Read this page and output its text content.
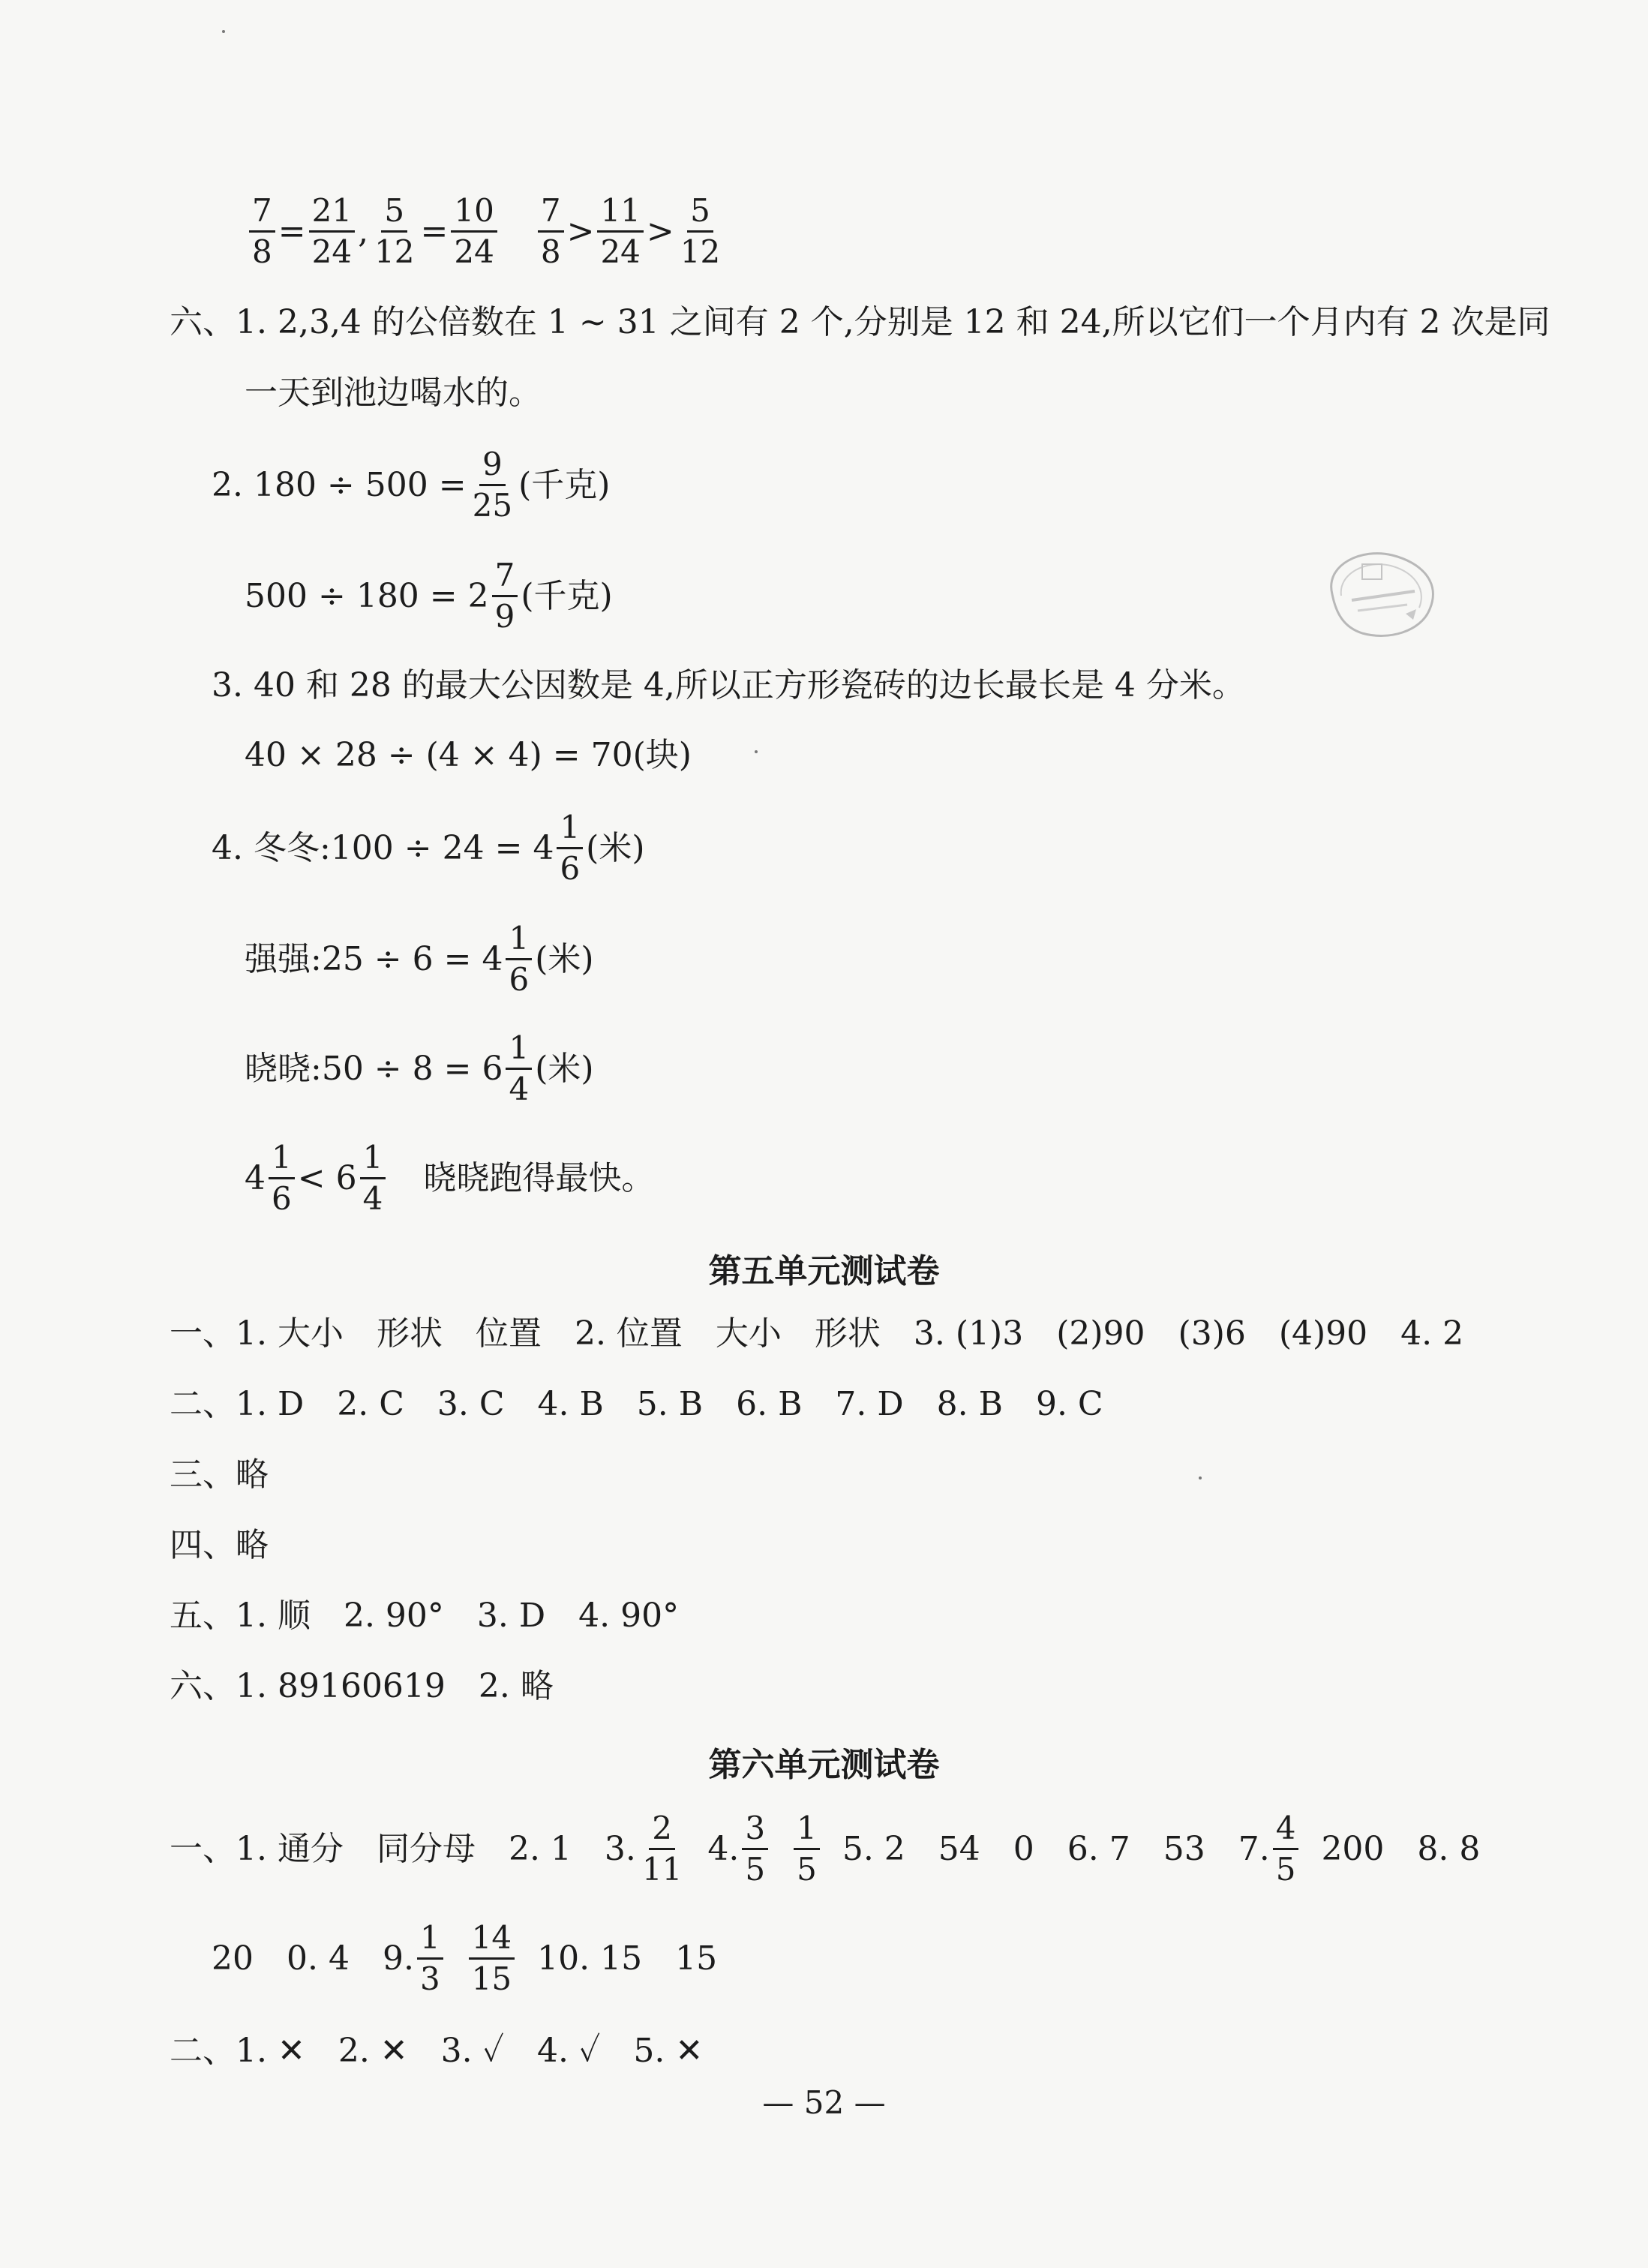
$\frac{7}{8} = \frac{21}{24}$ , $\frac{5}{12} = \frac{10}{24} \frac{7}{8} > \frac{11}{24} > \frac{5}{12}$
六、1. 2,3,4 的公倍数在 1 ~ 31 之间有 2 个,分别是 12 和 24,所以它们一个月内有 2 次是同
一天到池边喝水的。
2. $180 \div 500 = \frac{9}{25}$ (千克)
$500 \div 180 = 2 \frac{7}{9}$ (千克)
3. 40 和 28 的最大公因数是 4,所以正方形瓷砖的边长最长是 4 分米。
40 × 28 ÷ (4 × 4) = 70(块)
4. 冬冬:100 ÷ $24 = 4 \frac{1}{6}$ (米)
强强:25 ÷ $6 = 4 \frac{1}{6}$ (米)
晓晓:50 ÷ $8 = 6 \frac{1}{4}$ (米)
$4 \frac{1}{6} < 6 \frac{1}{4}$ 晓晓跑得最快。
第五单元测试卷
一、1. 大小　形状　位置　2. 位置　大小　形状　3. (1)3　(2)90　(3)6　(4)90　4. 2
二、1. D　2. C　3. C　4. B　5. B　6. B　7. D　8. B　9. C
三、略
四、略
五、1. 顺　2. 90°　3. D　4. 90°
六、1. 89160619　2. 略
第六单元测试卷
一、1. 通分　同分母　2. 1　3. $\frac{2}{11} 4$. $\frac{3}{5} \frac{1}{5} 5$. 2　54　0　6. 7　53　7. $\frac{4}{5} 200$　8. 8
20　0. 4　9. $\frac{1}{3} \frac{14}{15} 10$. 15　15
二、1. ✕　2. ✕　3. ✓　4. ✓　5. ✕
— 52 —
